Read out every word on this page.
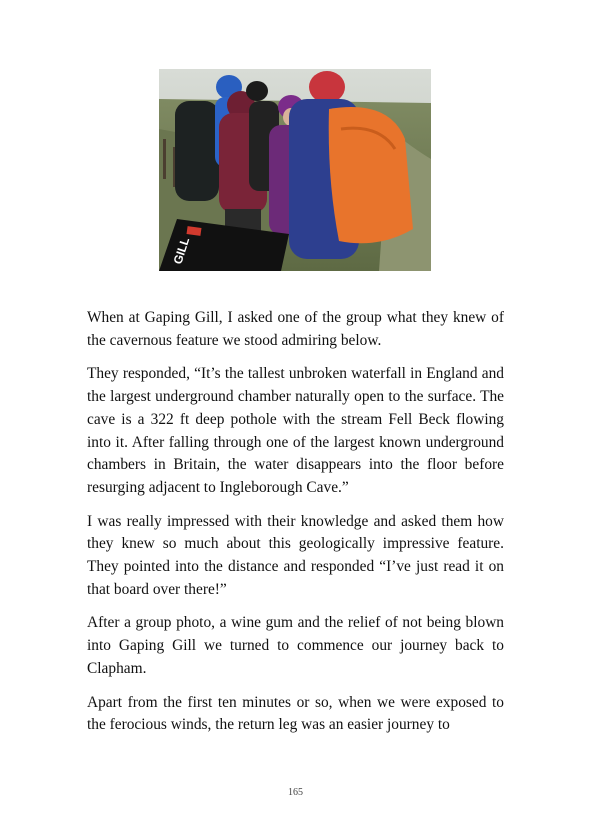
GILL

When at Gaping Gill, I asked one of the group what they knew of the cavernous feature we stood admiring below.

They responded, “It’s the tallest unbroken waterfall in England and the largest underground chamber naturally open to the surface. The cave is a 322 ft deep pothole with the stream Fell Beck flowing into it. After falling through one of the largest known underground chambers in Britain, the water disappears into the floor before resurging adjacent to Ingleborough Cave.”

I was really impressed with their knowledge and asked them how they knew so much about this geologically impressive feature. They pointed into the distance and responded “I’ve just read it on that board over there!”

After a group photo, a wine gum and the relief of not being blown into Gaping Gill we turned to commence our journey back to Clapham.

Apart from the first ten minutes or so, when we were exposed to the ferocious winds, the return leg was an easier journey to

165
